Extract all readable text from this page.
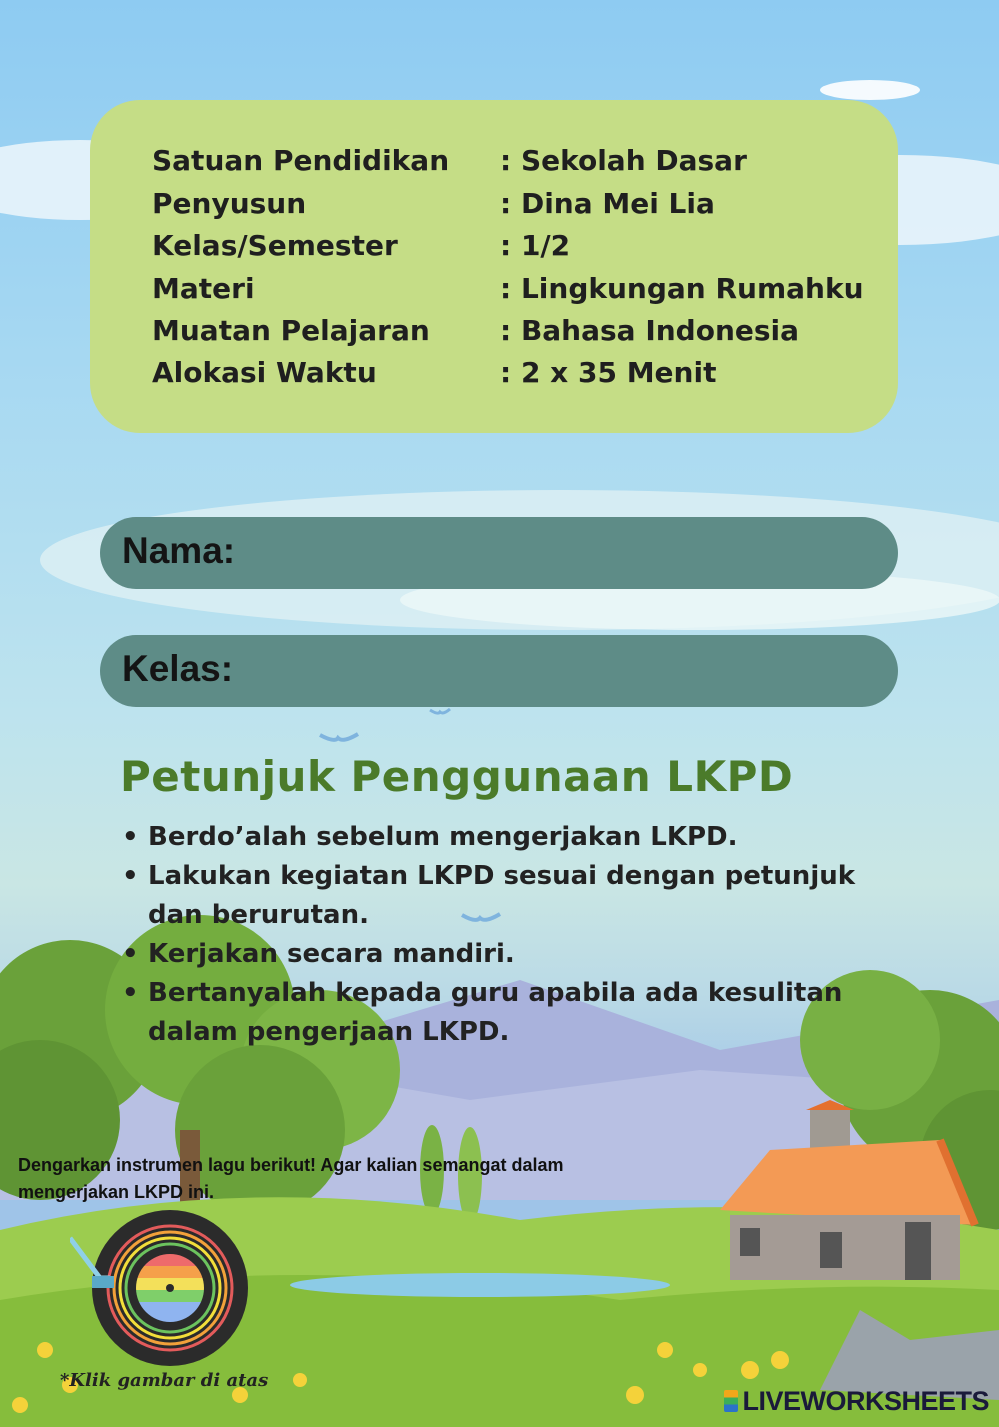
Satuan Pendidikan	: Sekolah Dasar
Penyusun	: Dina Mei Lia
Kelas/Semester	: 1/2
Materi	: Lingkungan Rumahku
Muatan Pelajaran	: Bahasa Indonesia
Alokasi Waktu	: 2 x 35 Menit
Nama:
Kelas:
Petunjuk Penggunaan LKPD
• Berdo’alah sebelum mengerjakan LKPD.
• Lakukan kegiatan LKPD sesuai dengan petunjuk dan berurutan.
• Kerjakan secara mandiri.
• Bertanyalah kepada guru apabila ada kesulitan dalam pengerjaan LKPD.
Dengarkan instrumen lagu berikut! Agar kalian semangat dalam mengerjakan LKPD ini.
*Klik gambar di atas
LIVEWORKSHEETS
